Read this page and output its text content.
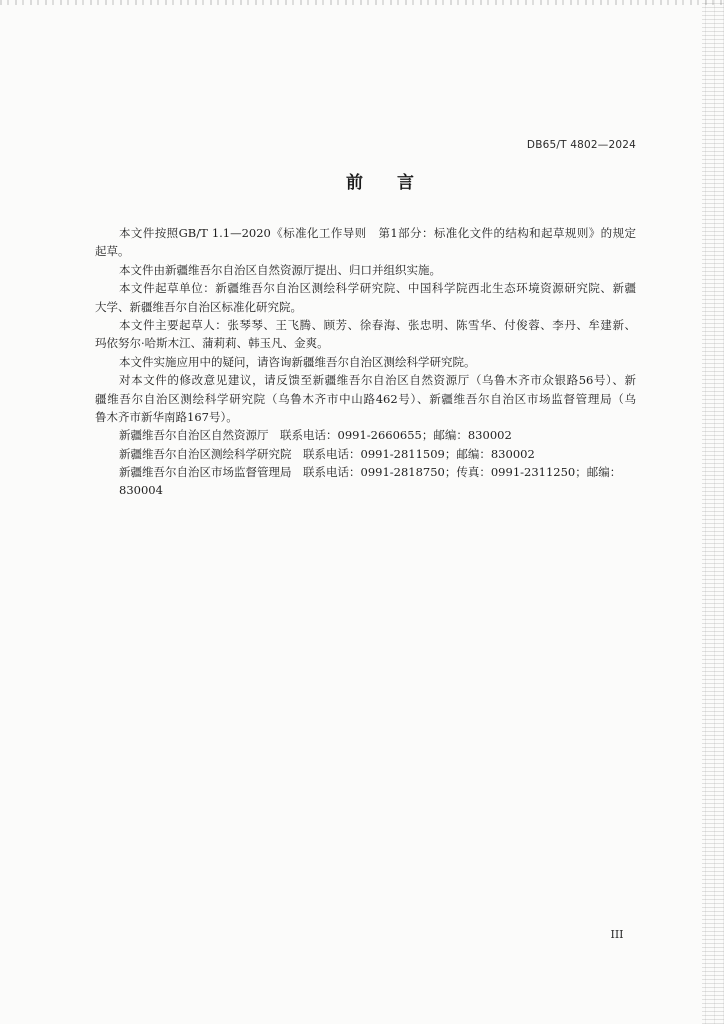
DB65/T 4802—2024
前　　言
本文件按照GB/T 1.1—2020《标准化工作导则　第1部分：标准化文件的结构和起草规则》的规定
起草。
本文件由新疆维吾尔自治区自然资源厅提出、归口并组织实施。
本文件起草单位：新疆维吾尔自治区测绘科学研究院、中国科学院西北生态环境资源研究院、新疆
大学、新疆维吾尔自治区标准化研究院。
本文件主要起草人：张琴琴、王飞腾、顾芳、徐春海、张忠明、陈雪华、付俊蓉、李丹、牟建新、
玛依努尔·哈斯木江、蒲莉莉、韩玉凡、金爽。
本文件实施应用中的疑问，请咨询新疆维吾尔自治区测绘科学研究院。
对本文件的修改意见建议，请反馈至新疆维吾尔自治区自然资源厅（乌鲁木齐市众银路56号）、新
疆维吾尔自治区测绘科学研究院（乌鲁木齐市中山路462号）、新疆维吾尔自治区市场监督管理局（乌
鲁木齐市新华南路167号）。
新疆维吾尔自治区自然资源厅　联系电话：0991-2660655；邮编：830002
新疆维吾尔自治区测绘科学研究院　联系电话：0991-2811509；邮编：830002
新疆维吾尔自治区市场监督管理局　联系电话：0991-2818750；传真：0991-2311250；邮编：830004
III
